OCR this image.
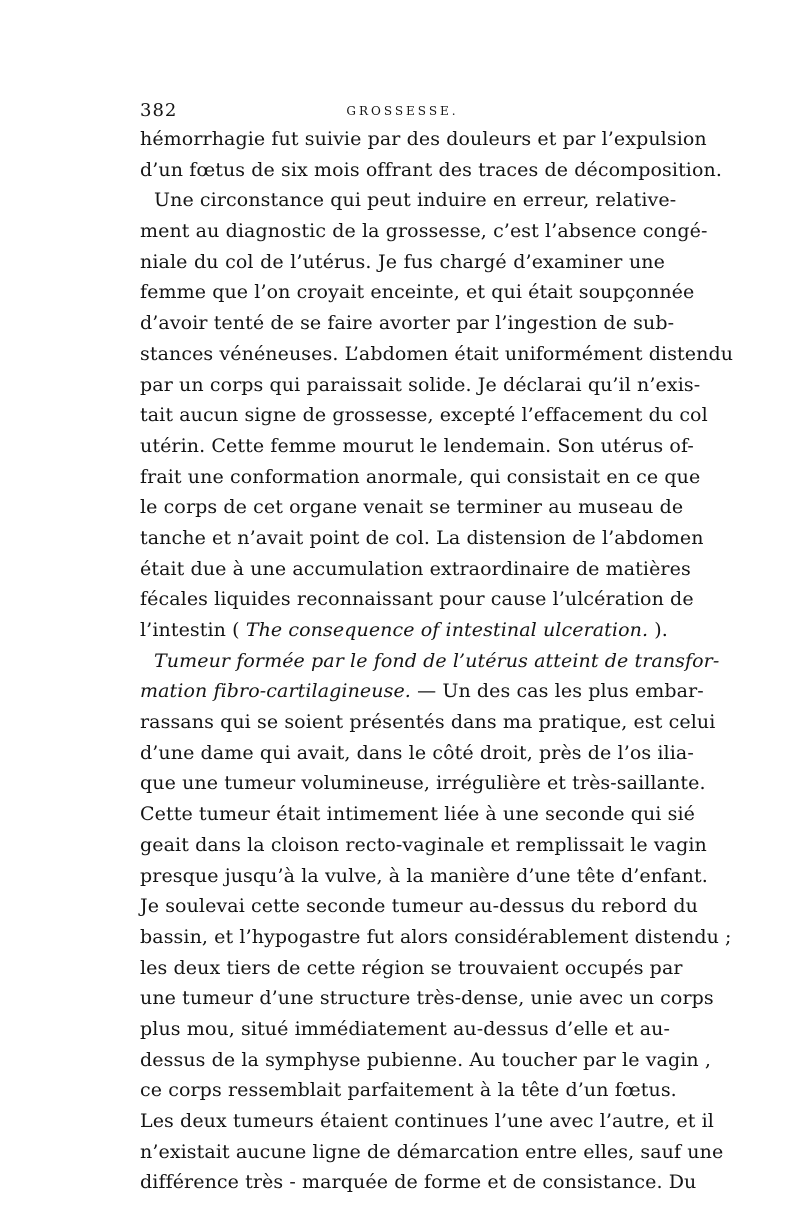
382	GROSSESSE.
hémorrhagie fut suivie par des douleurs et par l’expulsion
d’un fœtus de six mois offrant des traces de décomposition.
Une circonstance qui peut induire en erreur, relative-
ment au diagnostic de la grossesse, c’est l’absence congé-
niale du col de l’utérus. Je fus chargé d’examiner une
femme que l’on croyait enceinte, et qui était soupçonnée
d’avoir tenté de se faire avorter par l’ingestion de sub-
stances vénéneuses. L’abdomen était uniformément distendu
par un corps qui paraissait solide. Je déclarai qu’il n’exis-
tait aucun signe de grossesse, excepté l’effacement du col
utérin. Cette femme mourut le lendemain. Son utérus of-
frait une conformation anormale, qui consistait en ce que
le corps de cet organe venait se terminer au museau de
tanche et n’avait point de col. La distension de l’abdomen
était due à une accumulation extraordinaire de matières
fécales liquides reconnaissant pour cause l’ulcération de
l’intestin ( The consequence of intestinal ulceration. ).
Tumeur formée par le fond de l’utérus atteint de transfor-
mation fibro-cartilagineuse. — Un des cas les plus embar-
rassans qui se soient présentés dans ma pratique, est celui
d’une dame qui avait, dans le côté droit, près de l’os ilia-
que une tumeur volumineuse, irrégulière et très-saillante.
Cette tumeur était intimement liée à une seconde qui sié
geait dans la cloison recto-vaginale et remplissait le vagin
presque jusqu’à la vulve, à la manière d’une tête d’enfant.
Je soulevai cette seconde tumeur au-dessus du rebord du
bassin, et l’hypogastre fut alors considérablement distendu ;
les deux tiers de cette région se trouvaient occupés par
une tumeur d’une structure très-dense, unie avec un corps
plus mou, situé immédiatement au-dessus d’elle et au-
dessus de la symphyse pubienne. Au toucher par le vagin ,
ce corps ressemblait parfaitement à la tête d’un fœtus.
Les deux tumeurs étaient continues l’une avec l’autre, et il
n’existait aucune ligne de démarcation entre elles, sauf une
différence très - marquée de forme et de consistance. Du
